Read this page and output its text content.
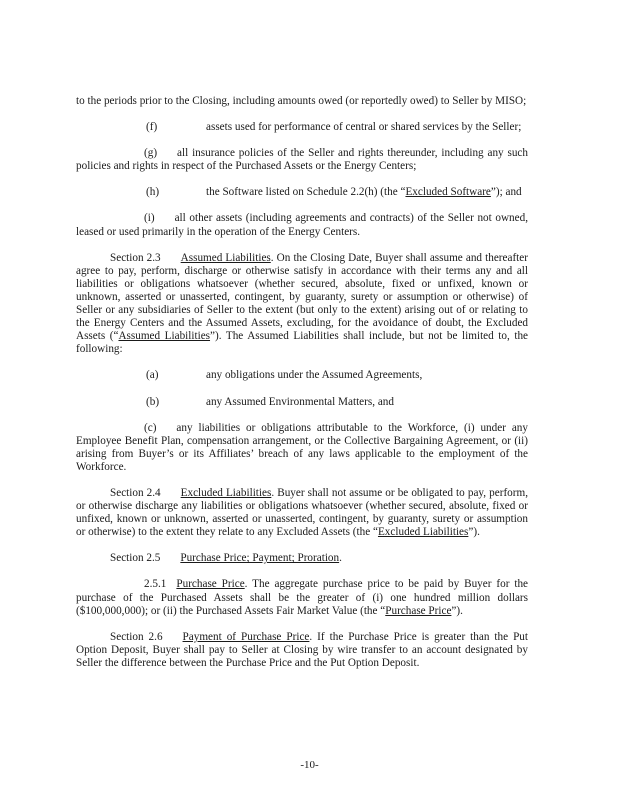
to the periods prior to the Closing, including amounts owed (or reportedly owed) to Seller by MISO;

(f)	assets used for performance of central or shared services by the Seller;

(g) all insurance policies of the Seller and rights thereunder, including any such policies and rights in respect of the Purchased Assets or the Energy Centers;

(h)	the Software listed on Schedule 2.2(h) (the “Excluded Software”); and

(i) all other assets (including agreements and contracts) of the Seller not owned, leased or used primarily in the operation of the Energy Centers.

Section 2.3 Assumed Liabilities. On the Closing Date, Buyer shall assume and thereafter agree to pay, perform, discharge or otherwise satisfy in accordance with their terms any and all liabilities or obligations whatsoever (whether secured, absolute, fixed or unfixed, known or unknown, asserted or unasserted, contingent, by guaranty, surety or assumption or otherwise) of Seller or any subsidiaries of Seller to the extent (but only to the extent) arising out of or relating to the Energy Centers and the Assumed Assets, excluding, for the avoidance of doubt, the Excluded Assets (“Assumed Liabilities”). The Assumed Liabilities shall include, but not be limited to, the following:

(a)	any obligations under the Assumed Agreements,
(b)	any Assumed Environmental Matters, and

(c) any liabilities or obligations attributable to the Workforce, (i) under any Employee Benefit Plan, compensation arrangement, or the Collective Bargaining Agreement, or (ii) arising from Buyer’s or its Affiliates’ breach of any laws applicable to the employment of the Workforce.

Section 2.4 Excluded Liabilities. Buyer shall not assume or be obligated to pay, perform, or otherwise discharge any liabilities or obligations whatsoever (whether secured, absolute, fixed or unfixed, known or unknown, asserted or unasserted, contingent, by guaranty, surety or assumption or otherwise) to the extent they relate to any Excluded Assets (the “Excluded Liabilities”).

Section 2.5 Purchase Price; Payment; Proration.

2.5.1 Purchase Price. The aggregate purchase price to be paid by Buyer for the purchase of the Purchased Assets shall be the greater of (i) one hundred million dollars ($100,000,000); or (ii) the Purchased Assets Fair Market Value (the “Purchase Price”).

Section 2.6 Payment of Purchase Price. If the Purchase Price is greater than the Put Option Deposit, Buyer shall pay to Seller at Closing by wire transfer to an account designated by Seller the difference between the Purchase Price and the Put Option Deposit.

-10-
